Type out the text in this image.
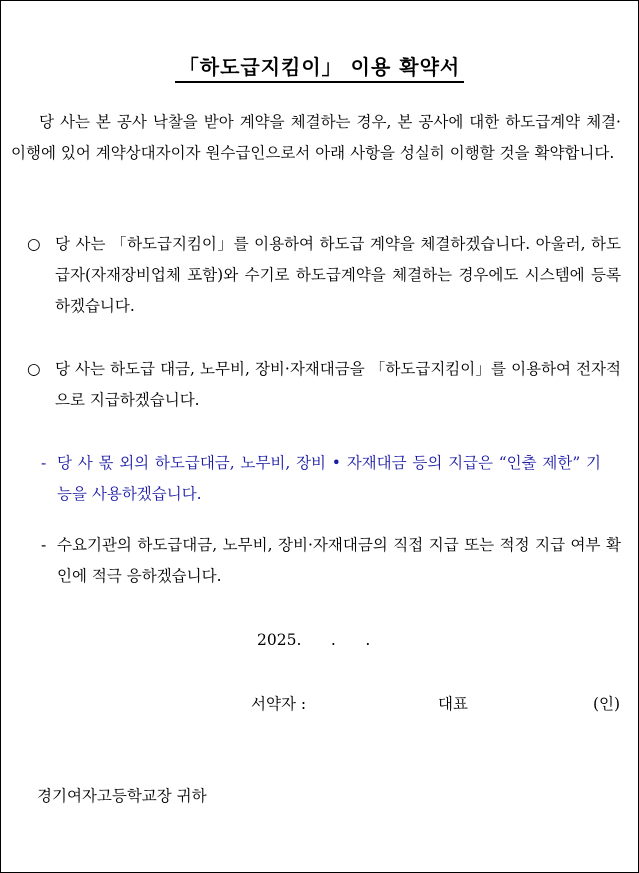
「하도급지킴이」 이용 확약서
당 사는 본 공사 낙찰을 받아 계약을 체결하는 경우, 본 공사에 대한 하도급계약 체결·이행에 있어 계약상대자이자 원수급인으로서 아래 사항을 성실히 이행할 것을 확약합니다.
○ 당 사는 「하도급지킴이」를 이용하여 하도급 계약을 체결하겠습니다. 아울러, 하도급자(자재장비업체 포함)와 수기로 하도급계약을 체결하는 경우에도 시스템에 등록하겠습니다.
○ 당 사는 하도급 대금, 노무비, 장비·자재대금을 「하도급지킴이」를 이용하여 전자적으로 지급하겠습니다.
- 당 사 몫 외의 하도급대금, 노무비, 장비 • 자재대금 등의 지급은 “인출 제한” 기능을 사용하겠습니다.
- 수요기관의 하도급대금, 노무비, 장비·자재대금의 직접 지급 또는 적정 지급 여부 확인에 적극 응하겠습니다.
2025.      .      .
서약자 :	대표	(인)
경기여자고등학교장 귀하
